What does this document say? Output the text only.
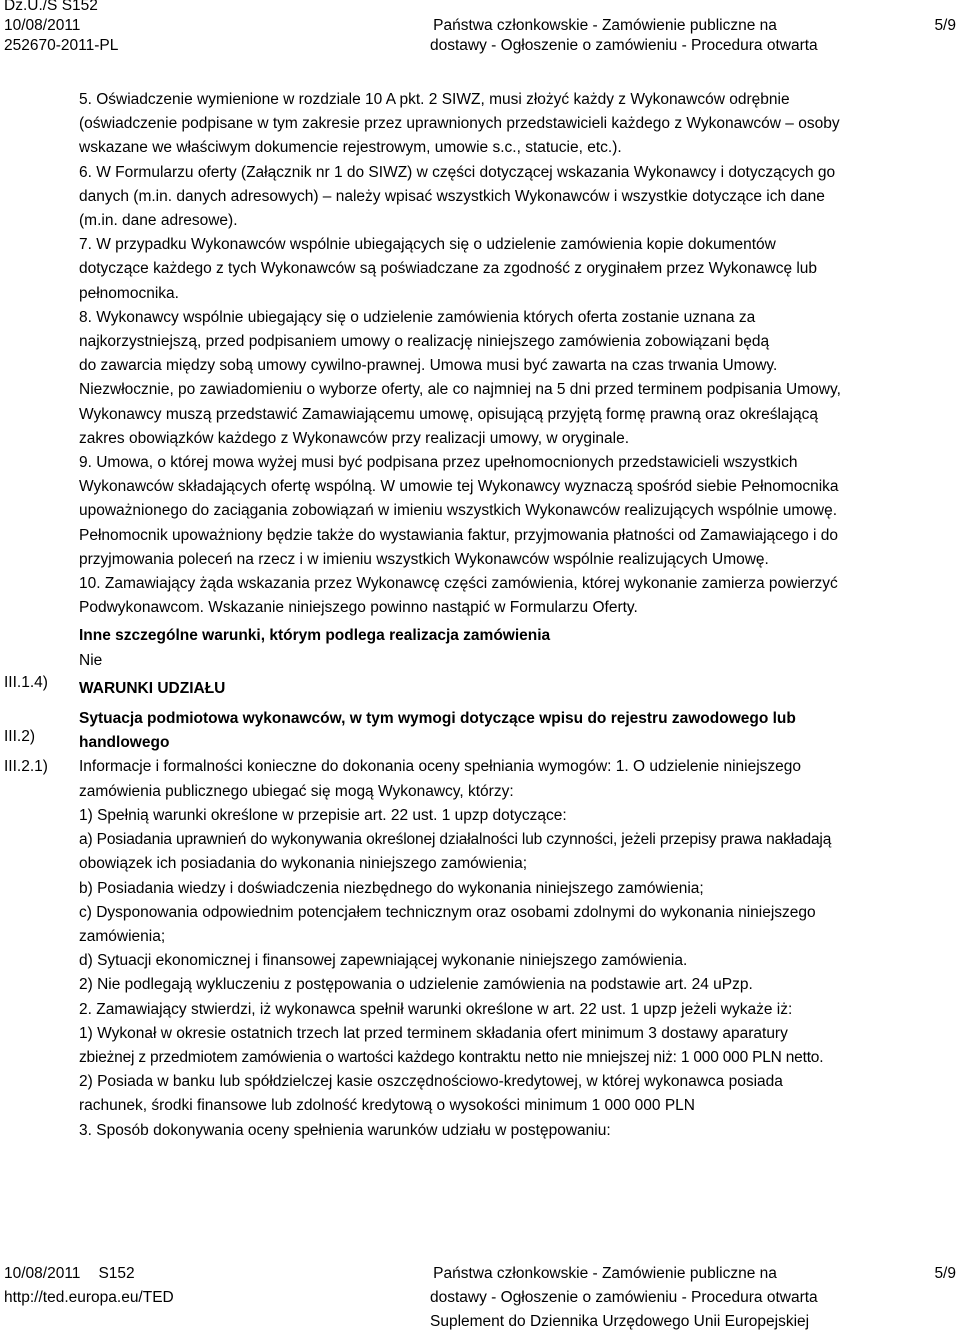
Dz.U./S S152
10/08/2011
252670-2011-PL
Państwa członkowskie - Zamówienie publiczne na
dostawy - Ogłoszenie o zamówieniu - Procedura otwarta
5/9

5. Oświadczenie wymienione w rozdziale 10 A pkt. 2 SIWZ, musi złożyć każdy z Wykonawców odrębnie

(oświadczenie podpisane w tym zakresie przez uprawnionych przedstawicieli każdego z Wykonawców – osoby

wskazane we właściwym dokumencie rejestrowym, umowie s.c., statucie, etc.).

6. W Formularzu oferty (Załącznik nr 1 do SIWZ) w części dotyczącej wskazania Wykonawcy i dotyczących go

danych (m.in. danych adresowych) – należy wpisać wszystkich Wykonawców i wszystkie dotyczące ich dane

(m.in. dane adresowe).

7. W przypadku Wykonawców wspólnie ubiegających się o udzielenie zamówienia kopie dokumentów

dotyczące każdego z tych Wykonawców są poświadczane za zgodność z oryginałem przez Wykonawcę lub

pełnomocnika.

8. Wykonawcy wspólnie ubiegający się o udzielenie zamówienia których oferta zostanie uznana za

najkorzystniejszą, przed podpisaniem umowy o realizację niniejszego zamówienia zobowiązani będą

do zawarcia między sobą umowy cywilno-prawnej. Umowa musi być zawarta na czas trwania Umowy.

Niezwłocznie, po zawiadomieniu o wyborze oferty, ale co najmniej na 5 dni przed terminem podpisania Umowy,

Wykonawcy muszą przedstawić Zamawiającemu umowę, opisującą przyjętą formę prawną oraz określającą

zakres obowiązków każdego z Wykonawców przy realizacji umowy, w oryginale.

9. Umowa, o której mowa wyżej musi być podpisana przez upełnomocnionych przedstawicieli wszystkich

Wykonawców składających ofertę wspólną. W umowie tej Wykonawcy wyznaczą spośród siebie Pełnomocnika

upoważnionego do zaciągania zobowiązań w imieniu wszystkich Wykonawców realizujących wspólnie umowę.

Pełnomocnik upoważniony będzie także do wystawiania faktur, przyjmowania płatności od Zamawiającego i do

przyjmowania poleceń na rzecz i w imieniu wszystkich Wykonawców wspólnie realizujących Umowę.

10. Zamawiający żąda wskazania przez Wykonawcę części zamówienia, której wykonanie zamierza powierzyć

Podwykonawcom. Wskazanie niniejszego powinno nastąpić w Formularzu Oferty.

Inne szczególne warunki, którym podlega realizacja zamówienia

Nie

WARUNKI UDZIAŁU

Sytuacja podmiotowa wykonawców, w tym wymogi dotyczące wpisu do rejestru zawodowego lub

handlowego

Informacje i formalności konieczne do dokonania oceny spełniania wymogów: 1. O udzielenie niniejszego

zamówienia publicznego ubiegać się mogą Wykonawcy, którzy:

1) Spełnią warunki określone w przepisie art. 22 ust. 1 upzp dotyczące:

a) Posiadania uprawnień do wykonywania określonej działalności lub czynności, jeżeli przepisy prawa nakładają

obowiązek ich posiadania do wykonania niniejszego zamówienia;

b) Posiadania wiedzy i doświadczenia niezbędnego do wykonania niniejszego zamówienia;

c) Dysponowania odpowiednim potencjałem technicznym oraz osobami zdolnymi do wykonania niniejszego

zamówienia;

d) Sytuacji ekonomicznej i finansowej zapewniającej wykonanie niniejszego zamówienia.

2) Nie podlegają wykluczeniu z postępowania o udzielenie zamówienia na podstawie art. 24 uPzp.

2. Zamawiający stwierdzi, iż wykonawca spełnił warunki określone w art. 22 ust. 1 upzp jeżeli wykaże iż:

1) Wykonał w okresie ostatnich trzech lat przed terminem składania ofert minimum 3 dostawy aparatury

zbieżnej z przedmiotem zamówienia o wartości każdego kontraktu netto nie mniejszej niż: 1 000 000 PLN netto.

2) Posiada w banku lub spółdzielczej kasie oszczędnościowo-kredytowej, w której wykonawca posiada

rachunek, środki finansowe lub zdolność kredytową o wysokości minimum 1 000 000 PLN

3. Sposób dokonywania oceny spełnienia warunków udziału w postępowaniu:

III.1.4)
III.2)
III.2.1)
10/08/2011 S152
http://ted.europa.eu/TED
Państwa członkowskie - Zamówienie publiczne na
dostawy - Ogłoszenie o zamówieniu - Procedura otwarta
Suplement do Dziennika Urzędowego Unii Europejskiej
5/9
